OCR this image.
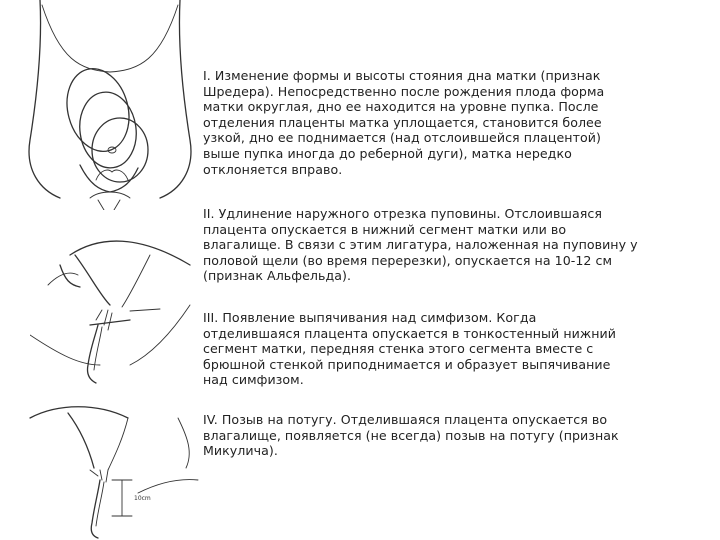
10cm

I. Изменение формы и высоты стояния дна матки (признак
Шредера). Непосредственно после рождения плода форма
матки округлая, дно ее находится на уровне пупка. После
отделения плаценты матка уплощается, становится более
узкой, дно ее поднимается (над отслоившейся плацентой)
выше пупка иногда до реберной дуги), матка нередко
отклоняется вправо.

II. Удлинение наружного отрезка пуповины. Отслоившаяся
плацента опускается в нижний сегмент матки или во
влагалище. В связи с этим лигатура, наложенная на пуповину у
половой щели (во время перерезки), опускается на 10-12 см
(признак Альфельда).

III. Появление выпячивания над симфизом. Когда
отделившаяся плацента опускается в тонкостенный нижний
сегмент матки, передняя стенка этого сегмента вместе с
брюшной стенкой приподнимается и образует выпячивание
над симфизом.

IV. Позыв на потугу. Отделившаяся плацента опускается во
влагалище, появляется (не всегда) позыв на потугу (признак
Микулича).
